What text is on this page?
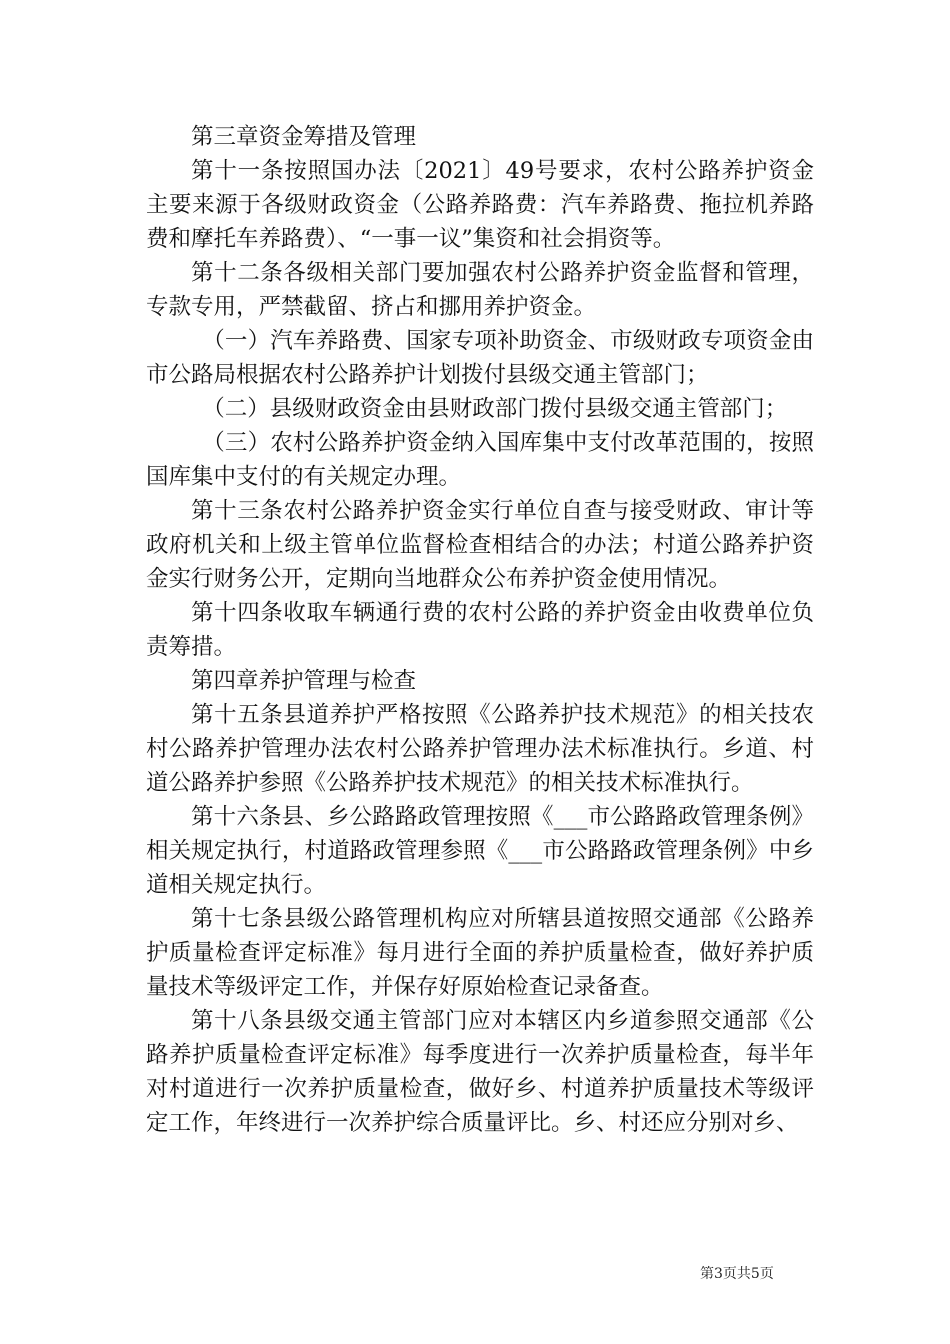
第三章资金筹措及管理

第十一条按照国办法〔2021〕49号要求，农村公路养护资金主要来源于各级财政资金（公路养路费：汽车养路费、拖拉机养路费和摩托车养路费）、“一事一议”集资和社会捐资等。

第十二条各级相关部门要加强农村公路养护资金监督和管理，专款专用，严禁截留、挤占和挪用养护资金。

（一）汽车养路费、国家专项补助资金、市级财政专项资金由市公路局根据农村公路养护计划拨付县级交通主管部门；

（二）县级财政资金由县财政部门拨付县级交通主管部门；

（三）农村公路养护资金纳入国库集中支付改革范围的，按照国库集中支付的有关规定办理。

第十三条农村公路养护资金实行单位自查与接受财政、审计等政府机关和上级主管单位监督检查相结合的办法；村道公路养护资金实行财务公开，定期向当地群众公布养护资金使用情况。

第十四条收取车辆通行费的农村公路的养护资金由收费单位负责筹措。

第四章养护管理与检查

第十五条县道养护严格按照《公路养护技术规范》的相关技农村公路养护管理办法农村公路养护管理办法术标准执行。乡道、村道公路养护参照《公路养护技术规范》的相关技术标准执行。

第十六条县、乡公路路政管理按照《___市公路路政管理条例》相关规定执行，村道路政管理参照《___市公路路政管理条例》中乡道相关规定执行。

第十七条县级公路管理机构应对所辖县道按照交通部《公路养护质量检查评定标准》每月进行全面的养护质量检查，做好养护质量技术等级评定工作，并保存好原始检查记录备查。

第十八条县级交通主管部门应对本辖区内乡道参照交通部《公路养护质量检查评定标准》每季度进行一次养护质量检查，每半年对村道进行一次养护质量检查，做好乡、村道养护质量技术等级评定工作，年终进行一次养护综合质量评比。乡、村还应分别对乡、

第3页共5页
